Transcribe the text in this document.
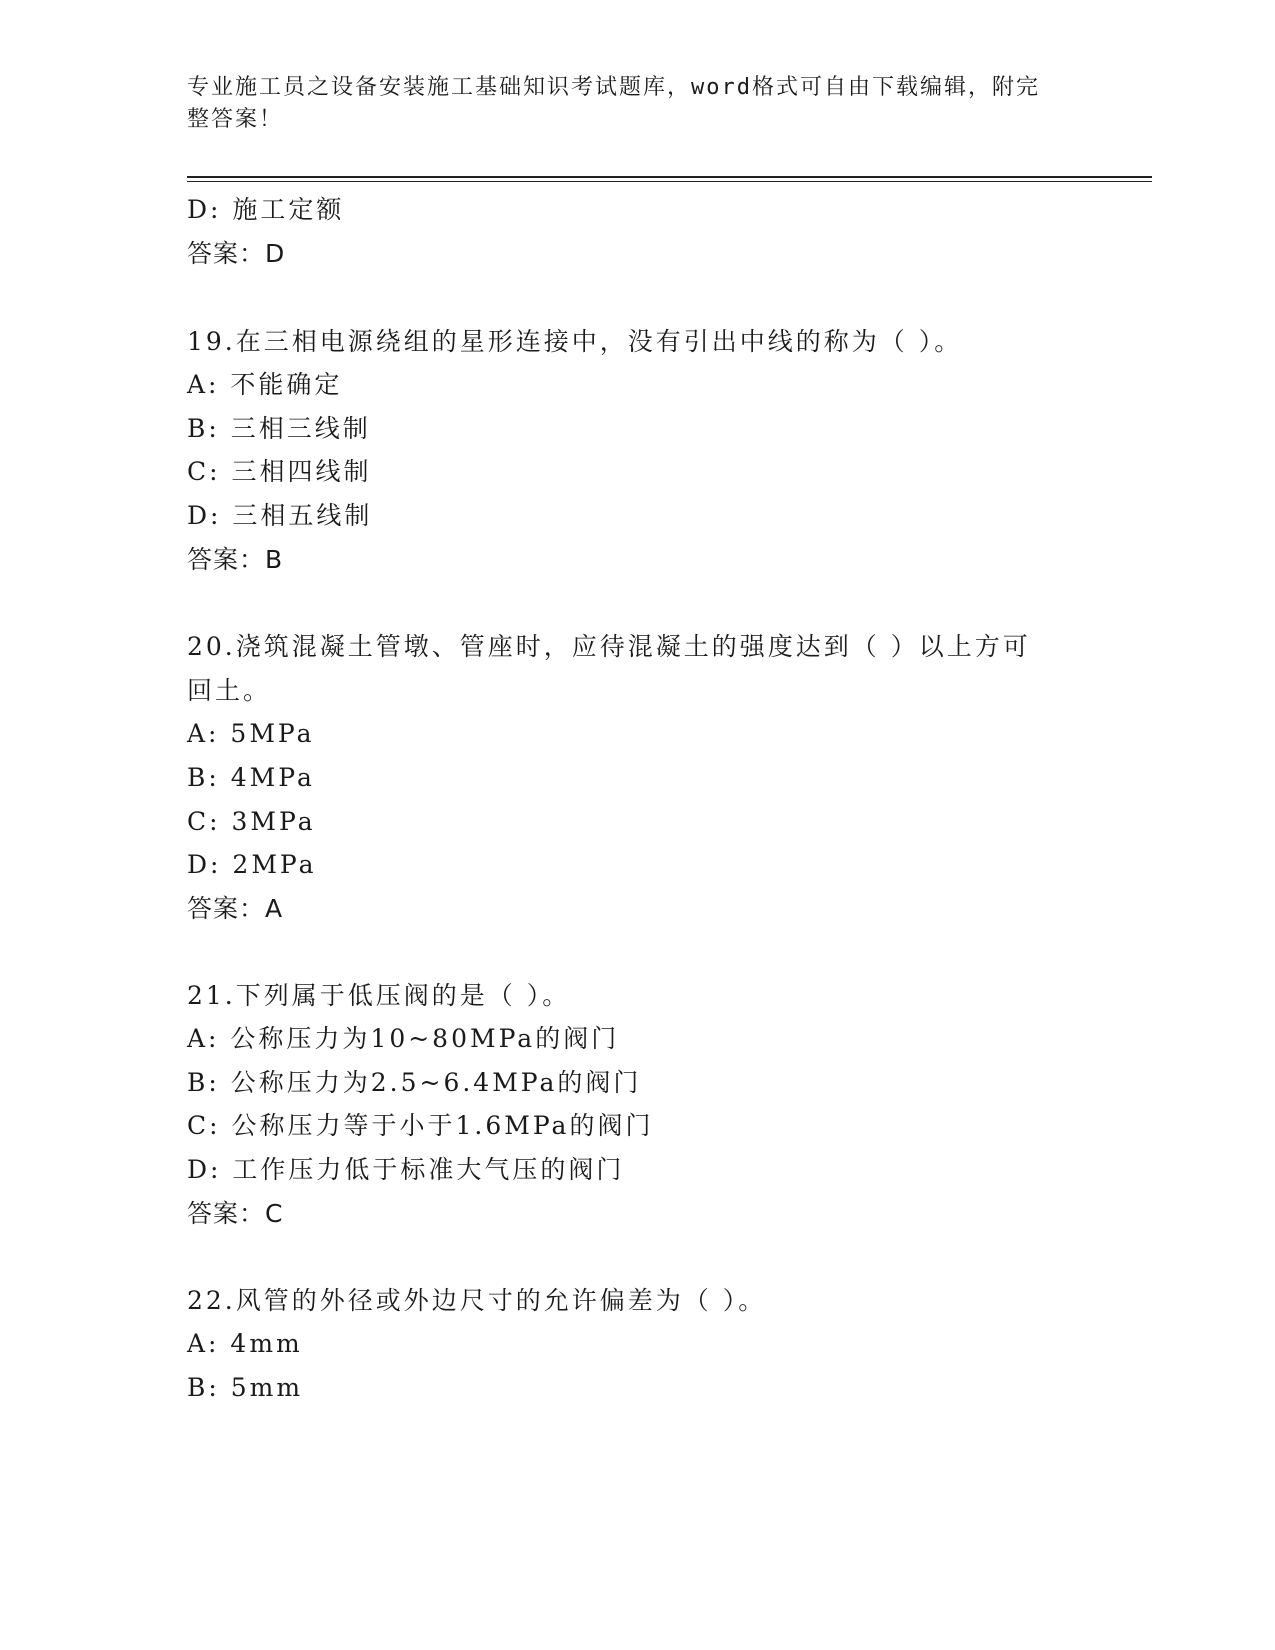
专业施工员之设备安装施工基础知识考试题库，word格式可自由下载编辑，附完
整答案！
D: 施工定额
答案：D
19.在三相电源绕组的星形连接中，没有引出中线的称为（ ）。
A: 不能确定
B: 三相三线制
C: 三相四线制
D: 三相五线制
答案：B
20.浇筑混凝土管墩、管座时，应待混凝土的强度达到（ ）以上方可
回土。
A: 5MPa
B: 4MPa
C: 3MPa
D: 2MPa
答案：A
21.下列属于低压阀的是（ ）。
A: 公称压力为10~80MPa的阀门
B: 公称压力为2.5~6.4MPa的阀门
C: 公称压力等于小于1.6MPa的阀门
D: 工作压力低于标准大气压的阀门
答案：C
22.风管的外径或外边尺寸的允许偏差为（ ）。
A: 4mm
B: 5mm
